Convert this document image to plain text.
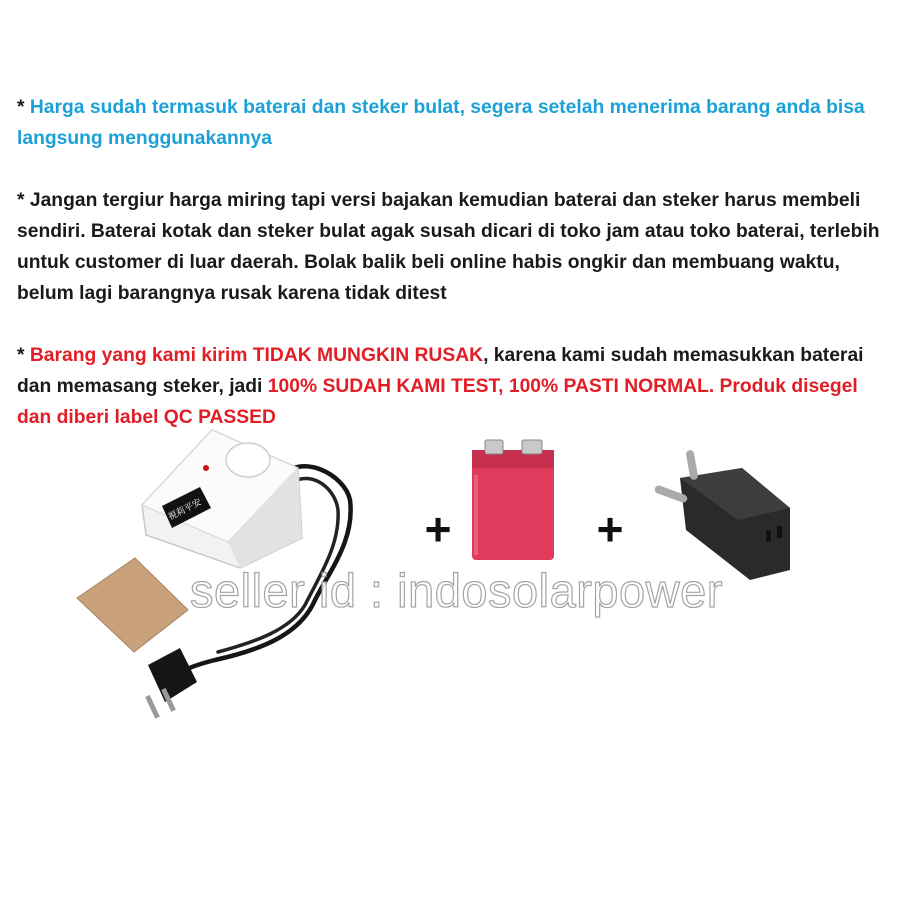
* Harga sudah termasuk baterai dan steker bulat, segera setelah menerima barang anda bisa langsung menggunakannya

* Jangan tergiur harga miring tapi versi bajakan kemudian baterai dan steker harus membeli sendiri. Baterai kotak dan steker bulat agak susah dicari di toko jam atau toko baterai, terlebih untuk customer di luar daerah. Bolak balik beli online habis ongkir dan membuang waktu, belum lagi barangnya rusak karena tidak ditest

* Barang yang kami kirim TIDAK MUNGKIN RUSAK, karena kami sudah memasukkan baterai dan memasang steker, jadi 100% SUDAH KAMI TEST, 100% PASTI NORMAL. Produk disegel dan diberi label QC PASSED

視莉平安	+	+
seller id : indosolarpower
